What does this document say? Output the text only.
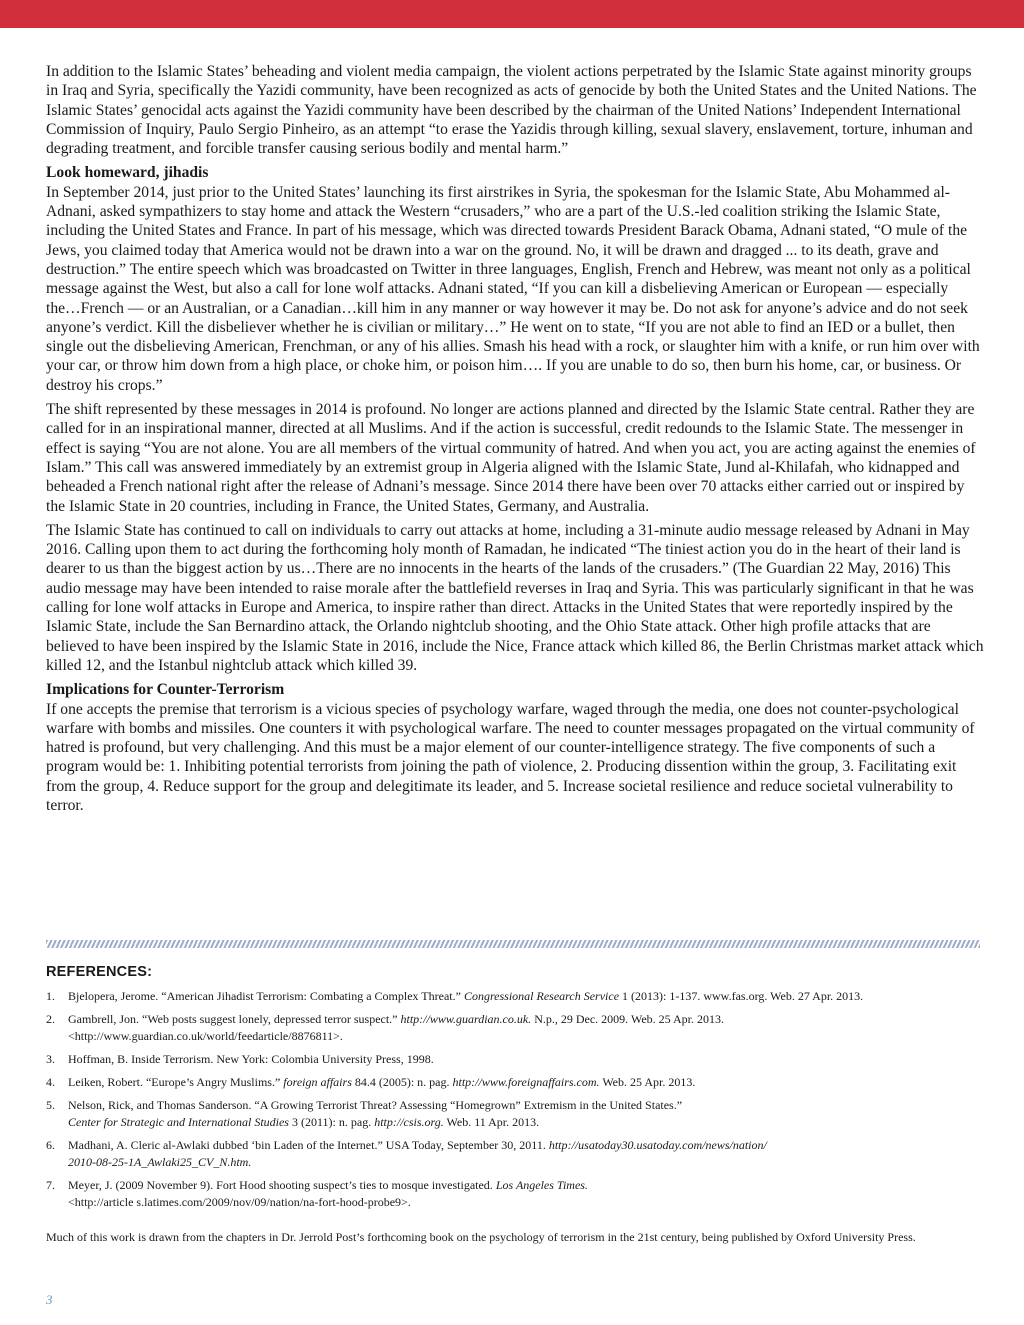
In addition to the Islamic States’ beheading and violent media campaign, the violent actions perpetrated by the Islamic State against minority groups in Iraq and Syria, specifically the Yazidi community, have been recognized as acts of genocide by both the United States and the United Nations. The Islamic States’ genocidal acts against the Yazidi community have been described by the chairman of the United Nations’ Independent International Commission of Inquiry, Paulo Sergio Pinheiro, as an attempt “to erase the Yazidis through killing, sexual slavery, enslavement, torture, inhuman and degrading treatment, and forcible transfer causing serious bodily and mental harm.”

Look homeward, jihadis

In September 2014, just prior to the United States’ launching its first airstrikes in Syria, the spokesman for the Islamic State, Abu Mohammed al-Adnani, asked sympathizers to stay home and attack the Western “crusaders,” who are a part of the U.S.-led coalition striking the Islamic State, including the United States and France. In part of his message, which was directed towards President Barack Obama, Adnani stated, “O mule of the Jews, you claimed today that America would not be drawn into a war on the ground. No, it will be drawn and dragged ... to its death, grave and destruction.” The entire speech which was broadcasted on Twitter in three languages, English, French and Hebrew, was meant not only as a political message against the West, but also a call for lone wolf attacks. Adnani stated, “If you can kill a disbelieving American or European — especially the…French — or an Australian, or a Canadian…kill him in any manner or way however it may be. Do not ask for anyone’s advice and do not seek anyone’s verdict. Kill the disbeliever whether he is civilian or military…” He went on to state, “If you are not able to find an IED or a bullet, then single out the disbelieving American, Frenchman, or any of his allies. Smash his head with a rock, or slaughter him with a knife, or run him over with your car, or throw him down from a high place, or choke him, or poison him…. If you are unable to do so, then burn his home, car, or business. Or destroy his crops.”

The shift represented by these messages in 2014 is profound. No longer are actions planned and directed by the Islamic State central. Rather they are called for in an inspirational manner, directed at all Muslims. And if the action is successful, credit redounds to the Islamic State. The messenger in effect is saying “You are not alone. You are all members of the virtual community of hatred. And when you act, you are acting against the enemies of Islam.” This call was answered immediately by an extremist group in Algeria aligned with the Islamic State, Jund al-Khilafah, who kidnapped and beheaded a French national right after the release of Adnani’s message. Since 2014 there have been over 70 attacks either carried out or inspired by the Islamic State in 20 countries, including in France, the United States, Germany, and Australia.

The Islamic State has continued to call on individuals to carry out attacks at home, including a 31-minute audio message released by Adnani in May 2016. Calling upon them to act during the forthcoming holy month of Ramadan, he indicated “The tiniest action you do in the heart of their land is dearer to us than the biggest action by us…There are no innocents in the hearts of the lands of the crusaders.” (The Guardian 22 May, 2016) This audio message may have been intended to raise morale after the battlefield reverses in Iraq and Syria. This was particularly significant in that he was calling for lone wolf attacks in Europe and America, to inspire rather than direct. Attacks in the United States that were reportedly inspired by the Islamic State, include the San Bernardino attack, the Orlando nightclub shooting, and the Ohio State attack. Other high profile attacks that are believed to have been inspired by the Islamic State in 2016, include the Nice, France attack which killed 86, the Berlin Christmas market attack which killed 12, and the Istanbul nightclub attack which killed 39.

Implications for Counter-Terrorism

If one accepts the premise that terrorism is a vicious species of psychology warfare, waged through the media, one does not counter-psychological warfare with bombs and missiles. One counters it with psychological warfare. The need to counter messages propagated on the virtual community of hatred is profound, but very challenging. And this must be a major element of our counter-intelligence strategy. The five components of such a program would be: 1. Inhibiting potential terrorists from joining the path of violence, 2. Producing dissention within the group, 3. Facilitating exit from the group, 4. Reduce support for the group and delegitimate its leader, and 5. Increase societal resilience and reduce societal vulnerability to terror.

REFERENCES:
1. Bjelopera, Jerome. “American Jihadist Terrorism: Combating a Complex Threat.” Congressional Research Service 1 (2013): 1-137. www.fas.org. Web. 27 Apr. 2013.
2. Gambrell, Jon. “Web posts suggest lonely, depressed terror suspect.” http://www.guardian.co.uk. N.p., 29 Dec. 2009. Web. 25 Apr. 2013.
<http://www.guardian.co.uk/world/feedarticle/8876811>.
3. Hoffman, B. Inside Terrorism. New York: Colombia University Press, 1998.
4. Leiken, Robert. “Europe’s Angry Muslims.” foreign affairs 84.4 (2005): n. pag. http://www.foreignaffairs.com. Web. 25 Apr. 2013.
5. Nelson, Rick, and Thomas Sanderson. “A Growing Terrorist Threat? Assessing “Homegrown” Extremism in the United States.”
Center for Strategic and International Studies 3 (2011): n. pag. http://csis.org. Web. 11 Apr. 2013.
6. Madhani, A. Cleric al-Awlaki dubbed ‘bin Laden of the Internet.” USA Today, September 30, 2011. http://usatoday30.usatoday.com/news/nation/
2010-08-25-1A_Awlaki25_CV_N.htm.
7. Meyer, J. (2009 November 9). Fort Hood shooting suspect’s ties to mosque investigated. Los Angeles Times.
<http://article s.latimes.com/2009/nov/09/nation/na-fort-hood-probe9>.

Much of this work is drawn from the chapters in Dr. Jerrold Post’s forthcoming book on the psychology of terrorism in the 21st century, being published by Oxford University Press.

3
